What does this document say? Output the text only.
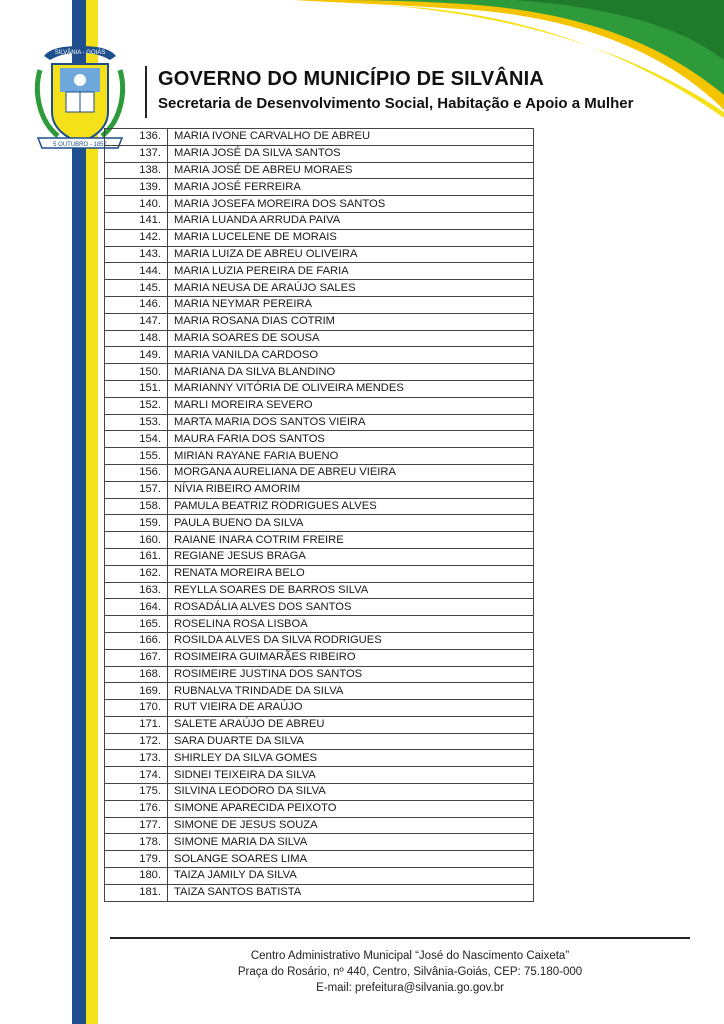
SILVÂNIA - GOIÁS
5 OUTUBRO - 1857
GOVERNO DO MUNICÍPIO DE SILVÂNIA
Secretaria de Desenvolvimento Social, Habitação e Apoio a Mulher
136.	MARIA IVONE CARVALHO DE ABREU
137.	MARIA JOSÉ DA SILVA SANTOS
138.	MARIA JOSÉ DE ABREU MORAES
139.	MARIA JOSÉ FERREIRA
140.	MARIA JOSEFA MOREIRA DOS SANTOS
141.	MARIA LUANDA ARRUDA PAIVA
142.	MARIA LUCELENE DE MORAIS
143.	MARIA LUIZA DE ABREU OLIVEIRA
144.	MARIA LUZIA PEREIRA DE FARIA
145.	MARIA NEUSA DE ARAÚJO SALES
146.	MARIA NEYMAR PEREIRA
147.	MARIA ROSANA DIAS COTRIM
148.	MARIA SOARES DE SOUSA
149.	MARIA VANILDA CARDOSO
150.	MARIANA DA SILVA BLANDINO
151.	MARIANNY VITÓRIA DE OLIVEIRA MENDES
152.	MARLI MOREIRA SEVERO
153.	MARTA MARIA DOS SANTOS VIEIRA
154.	MAURA FARIA DOS SANTOS
155.	MIRIAN RAYANE FARIA BUENO
156.	MORGANA AURELIANA DE ABREU VIEIRA
157.	NÍVIA RIBEIRO AMORIM
158.	PAMULA BEATRIZ RODRIGUES ALVES
159.	PAULA BUENO DA SILVA
160.	RAIANE INARA COTRIM FREIRE
161.	REGIANE JESUS BRAGA
162.	RENATA MOREIRA BELO
163.	REYLLA SOARES DE BARROS SILVA
164.	ROSADÁLIA ALVES DOS SANTOS
165.	ROSELINA ROSA LISBOA
166.	ROSILDA ALVES DA SILVA RODRIGUES
167.	ROSIMEIRA GUIMARÃES RIBEIRO
168.	ROSIMEIRE JUSTINA DOS SANTOS
169.	RUBNALVA TRINDADE DA SILVA
170.	RUT VIEIRA DE ARAÚJO
171.	SALETE ARAÚJO DE ABREU
172.	SARA DUARTE DA SILVA
173.	SHIRLEY DA SILVA GOMES
174.	SIDNEI TEIXEIRA DA SILVA
175.	SILVINA LEODORO DA SILVA
176.	SIMONE APARECIDA PEIXOTO
177.	SIMONE DE JESUS SOUZA
178.	SIMONE MARIA DA SILVA
179.	SOLANGE SOARES LIMA
180.	TAIZA JAMILY DA SILVA
181.	TAIZA SANTOS BATISTA
Centro Administrativo Municipal “José do Nascimento Caixeta”
Praça do Rosário, nº 440, Centro, Silvânia-Goiás, CEP: 75.180-000
E-mail: prefeitura@silvania.go.gov.br
